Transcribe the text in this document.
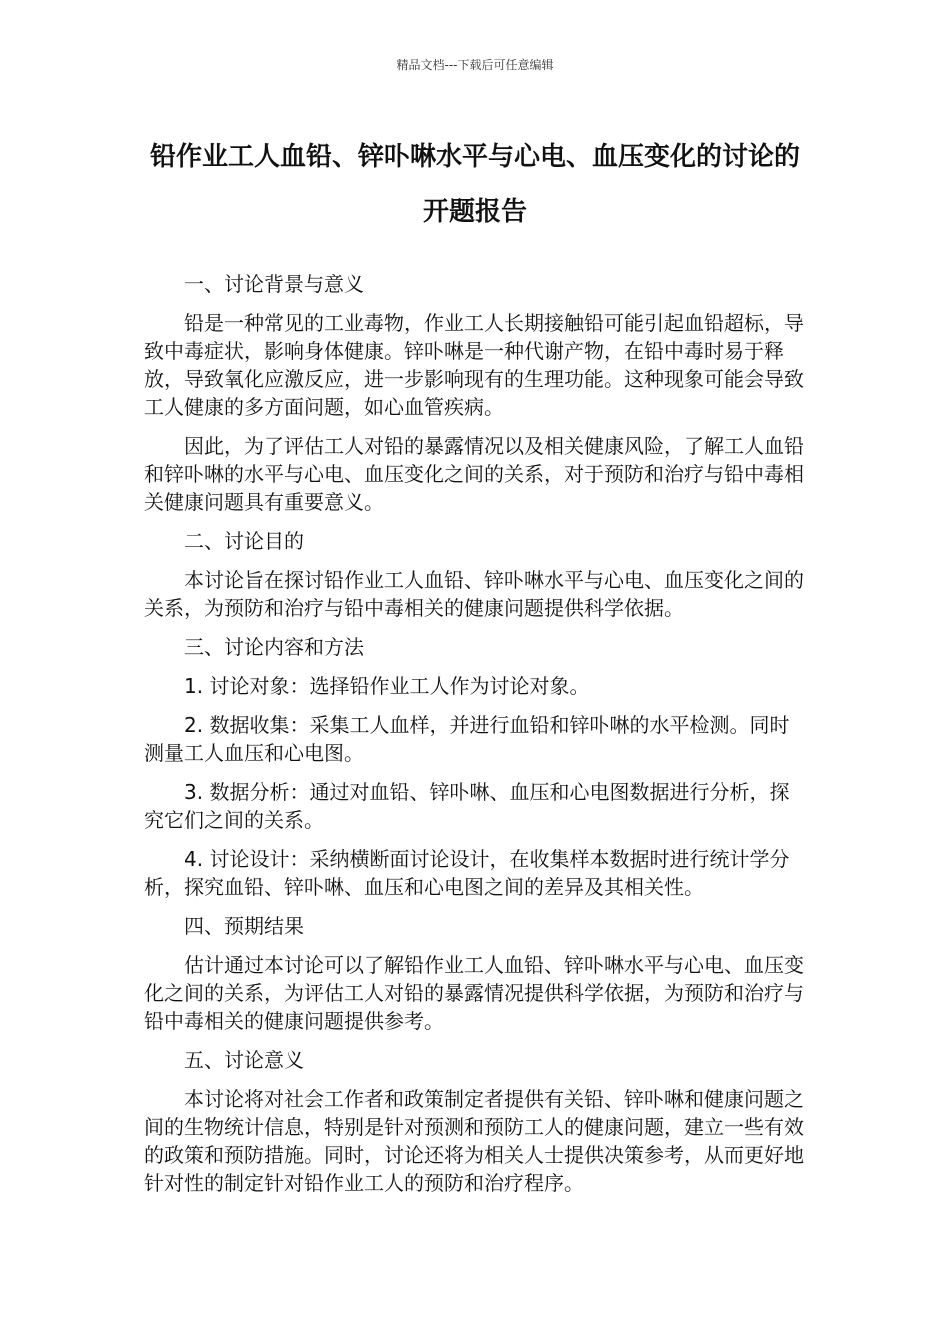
精品文档---下载后可任意编辑
铅作业工人血铅、锌卟啉水平与心电、血压变化的讨论的开题报告

一、讨论背景与意义

铅是一种常见的工业毒物，作业工人长期接触铅可能引起血铅超标，导致中毒症状，影响身体健康。锌卟啉是一种代谢产物，在铅中毒时易于释放，导致氧化应激反应，进一步影响现有的生理功能。这种现象可能会导致工人健康的多方面问题，如心血管疾病。

因此，为了评估工人对铅的暴露情况以及相关健康风险，了解工人血铅和锌卟啉的水平与心电、血压变化之间的关系，对于预防和治疗与铅中毒相关健康问题具有重要意义。

二、讨论目的

本讨论旨在探讨铅作业工人血铅、锌卟啉水平与心电、血压变化之间的关系，为预防和治疗与铅中毒相关的健康问题提供科学依据。

三、讨论内容和方法

1. 讨论对象：选择铅作业工人作为讨论对象。

2. 数据收集：采集工人血样，并进行血铅和锌卟啉的水平检测。同时测量工人血压和心电图。

3. 数据分析：通过对血铅、锌卟啉、血压和心电图数据进行分析，探究它们之间的关系。

4. 讨论设计：采纳横断面讨论设计，在收集样本数据时进行统计学分析，探究血铅、锌卟啉、血压和心电图之间的差异及其相关性。

四、预期结果

估计通过本讨论可以了解铅作业工人血铅、锌卟啉水平与心电、血压变化之间的关系，为评估工人对铅的暴露情况提供科学依据，为预防和治疗与铅中毒相关的健康问题提供参考。

五、讨论意义

本讨论将对社会工作者和政策制定者提供有关铅、锌卟啉和健康问题之间的生物统计信息，特别是针对预测和预防工人的健康问题，建立一些有效的政策和预防措施。同时，讨论还将为相关人士提供决策参考，从而更好地针对性的制定针对铅作业工人的预防和治疗程序。
